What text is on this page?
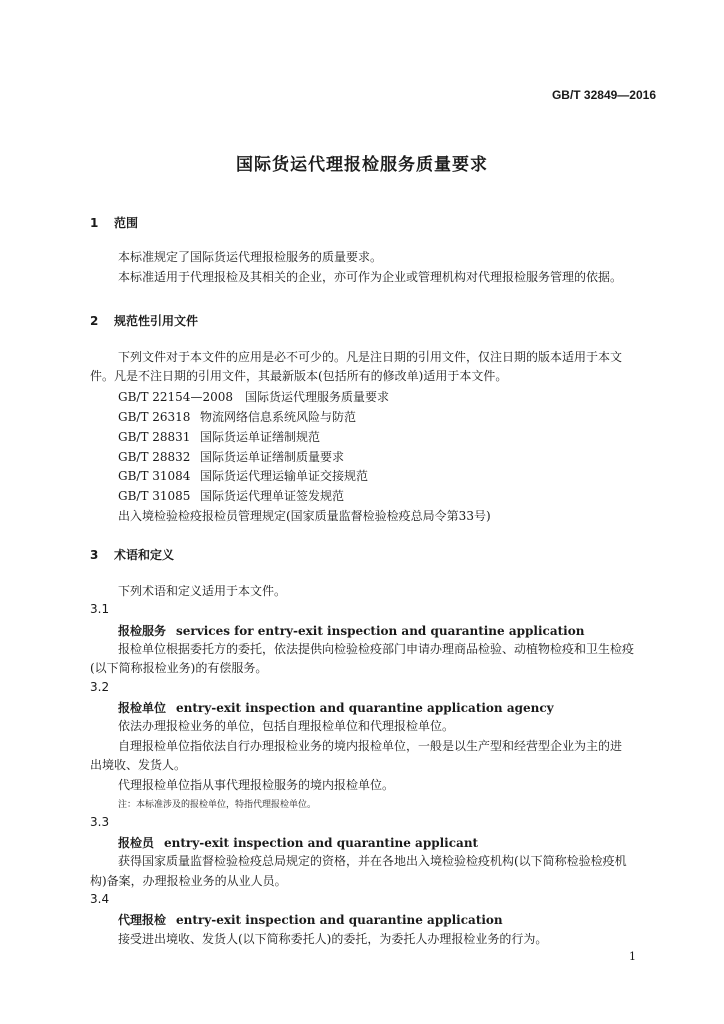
GB/T 32849—2016
国际货运代理报检服务质量要求
1 范围
本标准规定了国际货运代理报检服务的质量要求。
本标准适用于代理报检及其相关的企业，亦可作为企业或管理机构对代理报检服务管理的依据。
2 规范性引用文件
下列文件对于本文件的应用是必不可少的。凡是注日期的引用文件，仅注日期的版本适用于本文
件。凡是不注日期的引用文件，其最新版本(包括所有的修改单)适用于本文件。
GB/T 22154—2008 国际货运代理服务质量要求
GB/T 26318 物流网络信息系统风险与防范
GB/T 28831 国际货运单证缮制规范
GB/T 28832 国际货运单证缮制质量要求
GB/T 31084 国际货运代理运输单证交接规范
GB/T 31085 国际货运代理单证签发规范
出入境检验检疫报检员管理规定(国家质量监督检验检疫总局令第33号)
3 术语和定义
下列术语和定义适用于本文件。
3.1
报检服务 services for entry-exit inspection and quarantine application
报检单位根据委托方的委托，依法提供向检验检疫部门申请办理商品检验、动植物检疫和卫生检疫
(以下简称报检业务)的有偿服务。
3.2
报检单位 entry-exit inspection and quarantine application agency
依法办理报检业务的单位，包括自理报检单位和代理报检单位。
自理报检单位指依法自行办理报检业务的境内报检单位，一般是以生产型和经营型企业为主的进
出境收、发货人。
代理报检单位指从事代理报检服务的境内报检单位。
注：本标准涉及的报检单位，特指代理报检单位。
3.3
报检员 entry-exit inspection and quarantine applicant
获得国家质量监督检验检疫总局规定的资格，并在各地出入境检验检疫机构(以下简称检验检疫机
构)备案，办理报检业务的从业人员。
3.4
代理报检 entry-exit inspection and quarantine application
接受进出境收、发货人(以下简称委托人)的委托，为委托人办理报检业务的行为。
1
